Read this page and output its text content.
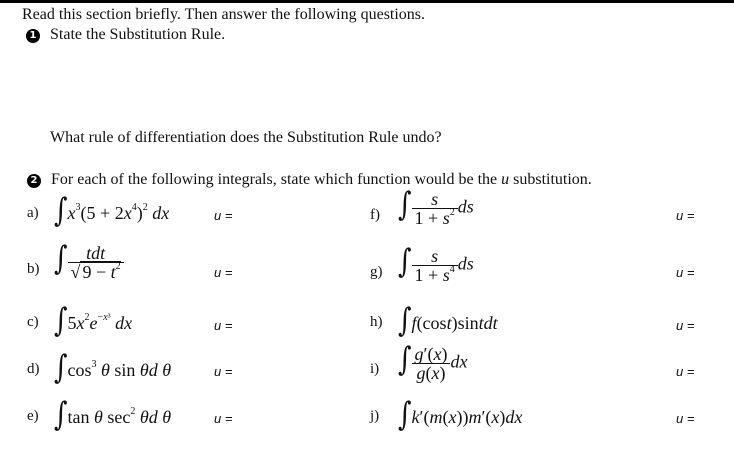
Read this section briefly. Then answer the following questions.
1 State the Substitution Rule.
What rule of differentiation does the Substitution Rule undo?
2 For each of the following integrals, state which function would be the u substitution.
a) $\int x^3(5 + 2x^4)^2$ dx	u =
b) ∫ $\frac{\text{tdt}}{√ 9 - t^2}$	u =
c) $\int 5x^2e^{-x^3}$ dx	u =
d) $\int\cos^3$ θ sin θd θ	u =
e) ∫tan θ $\sec^2 \theta d$ θ	u =
f) ∫ $\frac{s}{1 + s^2}$ ds	u =
g) ∫ $\frac{s}{1 + s^4}$ ds	u =
h) ∫f(cost)sintdt	u =
i) ∫ $\frac{g'(x)}{g(x)}$ dx	u =
j) ∫k′(m(x))m′(x)dx	u =
